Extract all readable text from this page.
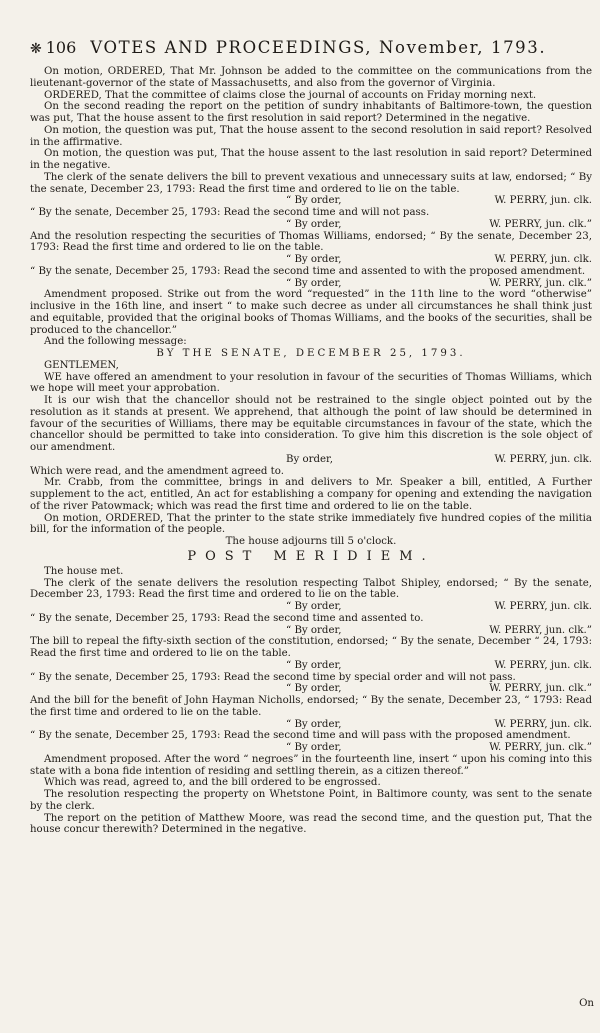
❋ 106 VOTES AND PROCEEDINGS, November, 1793.

On motion, ORDERED, That Mr. Johnson be added to the committee on the communications from the lieutenant-governor of the state of Massachusetts, and also from the governor of Virginia.

ORDERED, That the committee of claims close the journal of accounts on Friday morning next.

On the second reading the report on the petition of sundry inhabitants of Baltimore-town, the question was put, That the house assent to the first resolution in said report? Determined in the negative.

On motion, the question was put, That the house assent to the second resolution in said report? Resolved in the affirmative.

On motion, the question was put, That the house assent to the last resolution in said report? Determined in the negative.

The clerk of the senate delivers the bill to prevent vexatious and unnecessary suits at law, endorsed; “ By the senate, December 23, 1793: Read the first time and ordered to lie on the table.

“ By order,	W. PERRY, jun. clk.

“ By the senate, December 25, 1793: Read the second time and will not pass.

“ By order,	W. PERRY, jun. clk.”

And the resolution respecting the securities of Thomas Williams, endorsed; “ By the senate, December 23, 1793: Read the first time and ordered to lie on the table.

“ By order,	W. PERRY, jun. clk.

“ By the senate, December 25, 1793: Read the second time and assented to with the proposed amendment.

“ By order,	W. PERRY, jun. clk.”

Amendment proposed. Strike out from the word “requested” in the 11th line to the word “otherwise” inclusive in the 16th line, and insert “ to make such decree as under all circumstances he shall think just and equitable, provided that the original books of Thomas Williams, and the books of the securities, shall be produced to the chancellor.”

And the following message:

BY THE SENATE, DECEMBER 25, 1793.

GENTLEMEN,

WE have offered an amendment to your resolution in favour of the securities of Thomas Williams, which we hope will meet your approbation.

It is our wish that the chancellor should not be restrained to the single object pointed out by the resolution as it stands at present. We apprehend, that although the point of law should be determined in favour of the securities of Williams, there may be equitable circumstances in favour of the state, which the chancellor should be permitted to take into consideration. To give him this discretion is the sole object of our amendment.

By order,	W. PERRY, jun. clk.

Which were read, and the amendment agreed to.

Mr. Crabb, from the committee, brings in and delivers to Mr. Speaker a bill, entitled, A Further supplement to the act, entitled, An act for establishing a company for opening and extending the navigation of the river Patowmack; which was read the first time and ordered to lie on the table.

On motion, ORDERED, That the printer to the state strike immediately five hundred copies of the militia bill, for the information of the people.

The house adjourns till 5 o'clock.

POST MERIDIEM.

The house met.

The clerk of the senate delivers the resolution respecting Talbot Shipley, endorsed; “ By the senate, December 23, 1793: Read the first time and ordered to lie on the table.

“ By order,	W. PERRY, jun. clk.

“ By the senate, December 25, 1793: Read the second time and assented to.

“ By order,	W. PERRY, jun. clk.”

The bill to repeal the fifty-sixth section of the constitution, endorsed; “ By the senate, December “ 24, 1793: Read the first time and ordered to lie on the table.

“ By order,	W. PERRY, jun. clk.

“ By the senate, December 25, 1793: Read the second time by special order and will not pass.

“ By order,	W. PERRY, jun. clk.”

And the bill for the benefit of John Hayman Nicholls, endorsed; “ By the senate, December 23, “ 1793: Read the first time and ordered to lie on the table.

“ By order,	W. PERRY, jun. clk.

“ By the senate, December 25, 1793: Read the second time and will pass with the proposed amendment.

“ By order,	W. PERRY, jun. clk.”

Amendment proposed. After the word “ negroes” in the fourteenth line, insert “ upon his coming into this state with a bona fide intention of residing and settling therein, as a citizen thereof.”

Which was read, agreed to, and the bill ordered to be engrossed.

The resolution respecting the property on Whetstone Point, in Baltimore county, was sent to the senate by the clerk.

The report on the petition of Matthew Moore, was read the second time, and the question put, That the house concur therewith? Determined in the negative.

On
